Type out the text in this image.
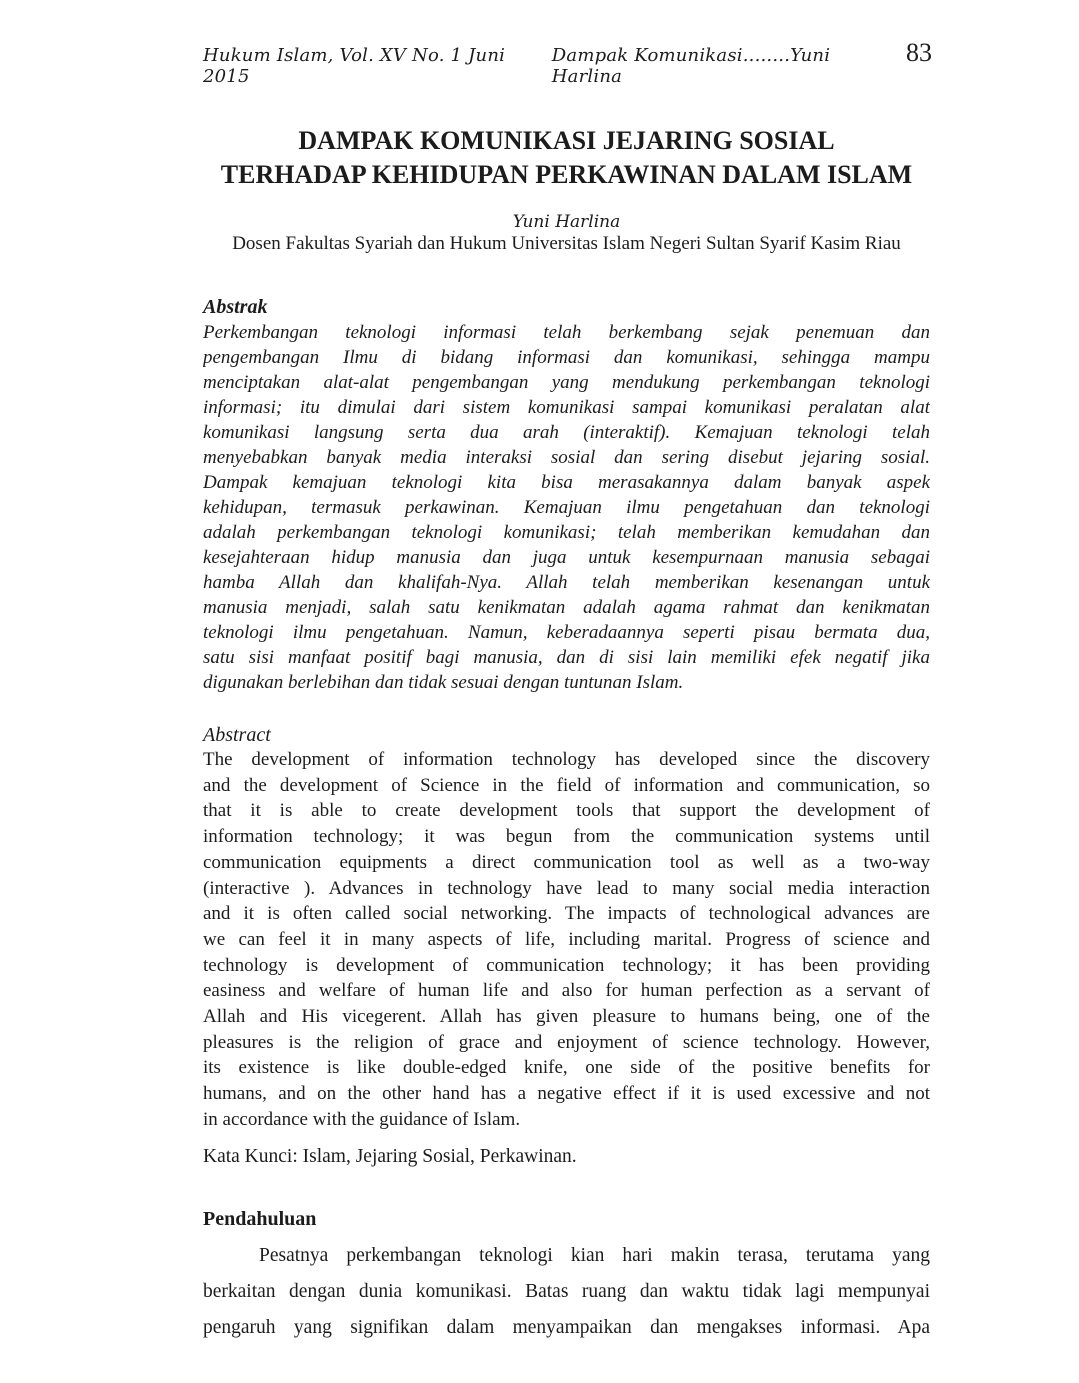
Hukum Islam, Vol. XV No. 1 Juni 2015
Dampak Komunikasi........Yuni Harlina
83
DAMPAK KOMUNIKASI JEJARING SOSIAL
TERHADAP KEHIDUPAN PERKAWINAN DALAM ISLAM
Yuni Harlina
Dosen Fakultas Syariah dan Hukum Universitas Islam Negeri Sultan Syarif Kasim Riau
Abstrak
Perkembangan teknologi informasi telah berkembang sejak penemuan dan
pengembangan Ilmu di bidang informasi dan komunikasi, sehingga mampu
menciptakan alat-alat pengembangan yang mendukung perkembangan teknologi
informasi; itu dimulai dari sistem komunikasi sampai komunikasi peralatan alat
komunikasi langsung serta dua arah (interaktif). Kemajuan teknologi telah
menyebabkan banyak media interaksi sosial dan sering disebut jejaring sosial.
Dampak kemajuan teknologi kita bisa merasakannya dalam banyak aspek
kehidupan, termasuk perkawinan. Kemajuan ilmu pengetahuan dan teknologi
adalah perkembangan teknologi komunikasi; telah memberikan kemudahan dan
kesejahteraan hidup manusia dan juga untuk kesempurnaan manusia sebagai
hamba Allah dan khalifah-Nya. Allah telah memberikan kesenangan untuk
manusia menjadi, salah satu kenikmatan adalah agama rahmat dan kenikmatan
teknologi ilmu pengetahuan. Namun, keberadaannya seperti pisau bermata dua,
satu sisi manfaat positif bagi manusia, dan di sisi lain memiliki efek negatif jika
digunakan berlebihan dan tidak sesuai dengan tuntunan Islam.
Abstract
The development of information technology has developed since the discovery
and the development of Science in the field of information and communication, so
that it is able to create development tools that support the development of
information technology; it was begun from the communication systems until
communication equipments a direct communication tool as well as a two-way
(interactive ). Advances in technology have lead to many social media interaction
and it is often called social networking. The impacts of technological advances are
we can feel it in many aspects of life, including marital. Progress of science and
technology is development of communication technology; it has been providing
easiness and welfare of human life and also for human perfection as a servant of
Allah and His vicegerent. Allah has given pleasure to humans being, one of the
pleasures is the religion of grace and enjoyment of science technology. However,
its existence is like double-edged knife, one side of the positive benefits for
humans, and on the other hand has a negative effect if it is used excessive and not
in accordance with the guidance of Islam.
Kata Kunci: Islam, Jejaring Sosial, Perkawinan.
Pendahuluan
Pesatnya perkembangan teknologi kian hari makin terasa, terutama yang
berkaitan dengan dunia komunikasi. Batas ruang dan waktu tidak lagi mempunyai
pengaruh yang signifikan dalam menyampaikan dan mengakses informasi. Apa
